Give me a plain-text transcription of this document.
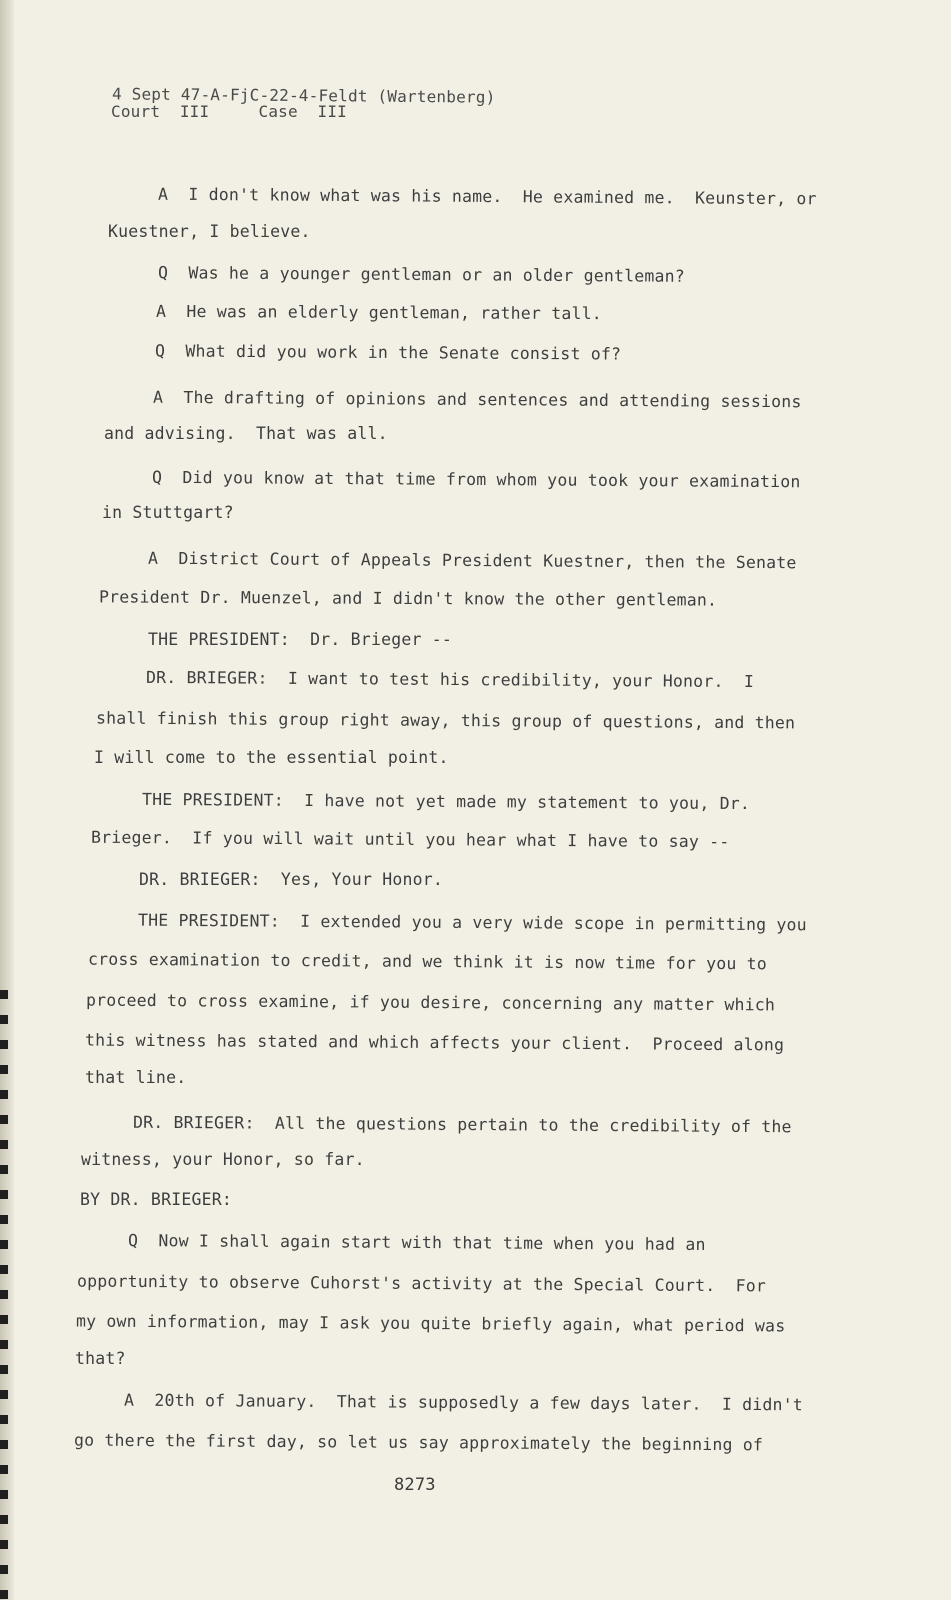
4 Sept 47-A-FjC-22-4-Feldt (Wartenberg)

Court  III     Case  III

A  I don't know what was his name.  He examined me.  Keunster, or

Kuestner, I believe.

Q  Was he a younger gentleman or an older gentleman?

A  He was an elderly gentleman, rather tall.

Q  What did you work in the Senate consist of?

A  The drafting of opinions and sentences and attending sessions

and advising.  That was all.

Q  Did you know at that time from whom you took your examination

in Stuttgart?

A  District Court of Appeals President Kuestner, then the Senate

President Dr. Muenzel, and I didn't know the other gentleman.

THE PRESIDENT:  Dr. Brieger --

DR. BRIEGER:  I want to test his credibility, your Honor.  I

shall finish this group right away, this group of questions, and then

I will come to the essential point.

THE PRESIDENT:  I have not yet made my statement to you, Dr.

Brieger.  If you will wait until you hear what I have to say --

DR. BRIEGER:  Yes, Your Honor.

THE PRESIDENT:  I extended you a very wide scope in permitting you

cross examination to credit, and we think it is now time for you to

proceed to cross examine, if you desire, concerning any matter which

this witness has stated and which affects your client.  Proceed along

that line.

DR. BRIEGER:  All the questions pertain to the credibility of the

witness, your Honor, so far.

BY DR. BRIEGER:

Q  Now I shall again start with that time when you had an

opportunity to observe Cuhorst's activity at the Special Court.  For

my own information, may I ask you quite briefly again, what period was

that?

A  20th of January.  That is supposedly a few days later.  I didn't

go there the first day, so let us say approximately the beginning of

8273
